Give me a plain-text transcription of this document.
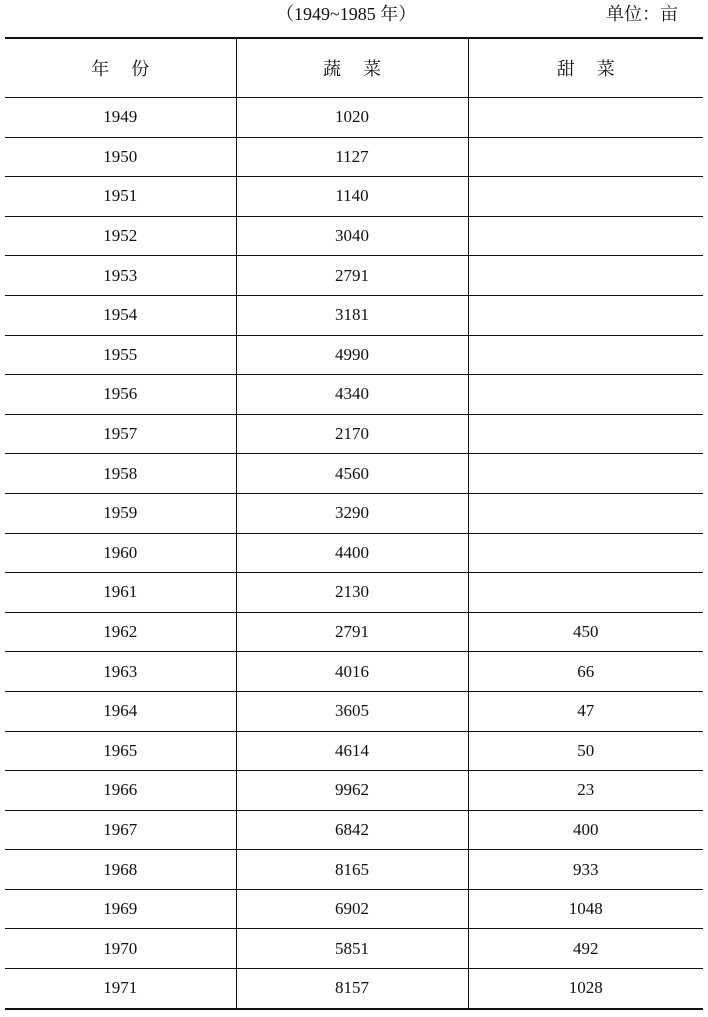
（1949~1985 年）	单位：亩
年份	蔬菜	甜菜
1949	1020	
1950	1127	
1951	1140	
1952	3040	
1953	2791	
1954	3181	
1955	4990	
1956	4340	
1957	2170	
1958	4560	
1959	3290	
1960	4400	
1961	2130	
1962	2791	450
1963	4016	66
1964	3605	47
1965	4614	50
1966	9962	23
1967	6842	400
1968	8165	933
1969	6902	1048
1970	5851	492
1971	8157	1028
